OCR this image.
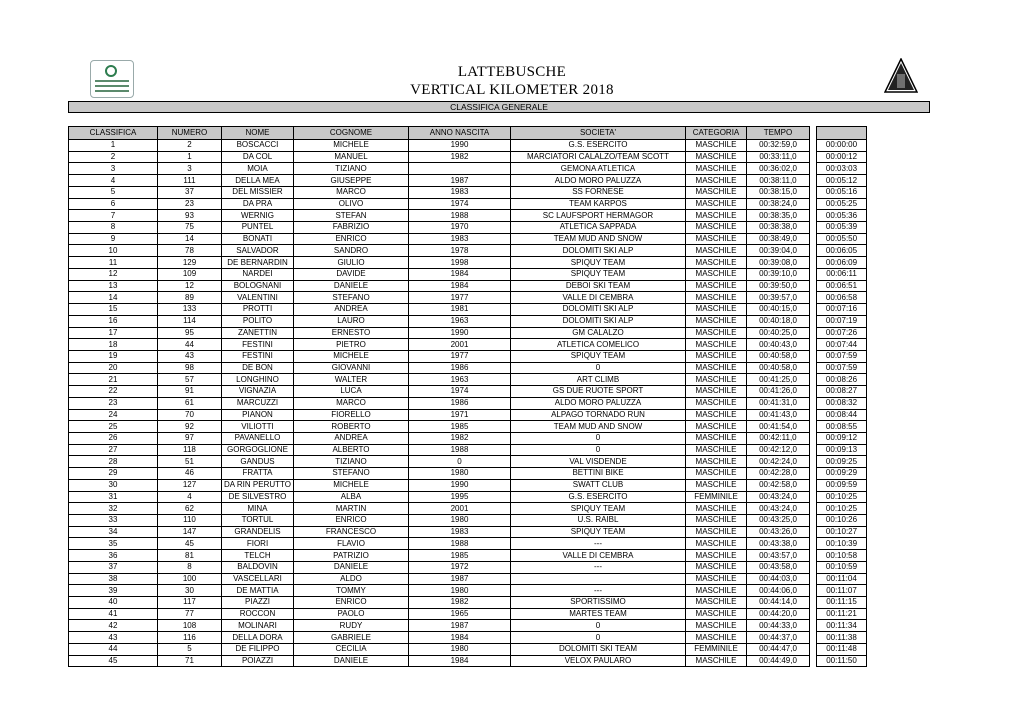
LATTEBUSCHE
VERTICAL KILOMETER 2018
CLASSIFICA GENERALE
CLASSIFICA	NUMERO	NOME	COGNOME	ANNO NASCITA	SOCIETA'	CATEGORIA	TEMPO		
1	2	BOSCACCI	MICHELE	1990	G.S. ESERCITO	MASCHILE	00:32:59,0		00:00:00
2	1	DA COL	MANUEL	1982	MARCIATORI CALALZO/TEAM SCOTT	MASCHILE	00:33:11,0		00:00:12
3	3	MOIA	TIZIANO		GEMONA ATLETICA	MASCHILE	00:36:02,0		00:03:03
4	111	DELLA MEA	GIUSEPPE	1987	ALDO MORO PALUZZA	MASCHILE	00:38:11,0		00:05:12
5	37	DEL MISSIER	MARCO	1983	SS FORNESE	MASCHILE	00:38:15,0		00:05:16
6	23	DA PRA	OLIVO	1974	TEAM KARPOS	MASCHILE	00:38:24,0		00:05:25
7	93	WERNIG	STEFAN	1988	SC LAUFSPORT HERMAGOR	MASCHILE	00:38:35,0		00:05:36
8	75	PUNTEL	FABRIZIO	1970	ATLETICA SAPPADA	MASCHILE	00:38:38,0		00:05:39
9	14	BONATI	ENRICO	1983	TEAM MUD AND SNOW	MASCHILE	00:38:49,0		00:05:50
10	78	SALVADOR	SANDRO	1978	DOLOMITI SKI ALP	MASCHILE	00:39:04,0		00:06:05
11	129	DE BERNARDIN	GIULIO	1998	SPIQUY TEAM	MASCHILE	00:39:08,0		00:06:09
12	109	NARDEI	DAVIDE	1984	SPIQUY TEAM	MASCHILE	00:39:10,0		00:06:11
13	12	BOLOGNANI	DANIELE	1984	DEBOI SKI TEAM	MASCHILE	00:39:50,0		00:06:51
14	89	VALENTINI	STEFANO	1977	VALLE DI CEMBRA	MASCHILE	00:39:57,0		00:06:58
15	133	PROTTI	ANDREA	1981	DOLOMITI SKI ALP	MASCHILE	00:40:15,0		00:07:16
16	114	POLITO	LAURO	1963	DOLOMITI SKI ALP	MASCHILE	00:40:18,0		00:07:19
17	95	ZANETTIN	ERNESTO	1990	GM CALALZO	MASCHILE	00:40:25,0		00:07:26
18	44	FESTINI	PIETRO	2001	ATLETICA COMELICO	MASCHILE	00:40:43,0		00:07:44
19	43	FESTINI	MICHELE	1977	SPIQUY TEAM	MASCHILE	00:40:58,0		00:07:59
20	98	DE BON	GIOVANNI	1986	0	MASCHILE	00:40:58,0		00:07:59
21	57	LONGHINO	WALTER	1963	ART CLIMB	MASCHILE	00:41:25,0		00:08:26
22	91	VIGNAZIA	LUCA	1974	GS DUE RUOTE SPORT	MASCHILE	00:41:26,0		00:08:27
23	61	MARCUZZI	MARCO	1986	ALDO MORO PALUZZA	MASCHILE	00:41:31,0		00:08:32
24	70	PIANON	FIORELLO	1971	ALPAGO TORNADO RUN	MASCHILE	00:41:43,0		00:08:44
25	92	VILIOTTI	ROBERTO	1985	TEAM MUD AND SNOW	MASCHILE	00:41:54,0		00:08:55
26	97	PAVANELLO	ANDREA	1982	0	MASCHILE	00:42:11,0		00:09:12
27	118	GORGOGLIONE	ALBERTO	1988	0	MASCHILE	00:42:12,0		00:09:13
28	51	GANDUS	TIZIANO	0	VAL VISDENDE	MASCHILE	00:42:24,0		00:09:25
29	46	FRATTA	STEFANO	1980	BETTINI BIKE	MASCHILE	00:42:28,0		00:09:29
30	127	DA RIN PERUTTO	MICHELE	1990	SWATT CLUB	MASCHILE	00:42:58,0		00:09:59
31	4	DE SILVESTRO	ALBA	1995	G.S. ESERCITO	FEMMINILE	00:43:24,0		00:10:25
32	62	MINA	MARTIN	2001	SPIQUY TEAM	MASCHILE	00:43:24,0		00:10:25
33	110	TORTUL	ENRICO	1980	U.S. RAIBL	MASCHILE	00:43:25,0		00:10:26
34	147	GRANDELIS	FRANCESCO	1983	SPIQUY TEAM	MASCHILE	00:43:26,0		00:10:27
35	45	FIORI	FLAVIO	1988	---	MASCHILE	00:43:38,0		00:10:39
36	81	TELCH	PATRIZIO	1985	VALLE DI CEMBRA	MASCHILE	00:43:57,0		00:10:58
37	8	BALDOVIN	DANIELE	1972	---	MASCHILE	00:43:58,0		00:10:59
38	100	VASCELLARI	ALDO	1987		MASCHILE	00:44:03,0		00:11:04
39	30	DE MATTIA	TOMMY	1980	---	MASCHILE	00:44:06,0		00:11:07
40	117	PIAZZI	ENRICO	1982	SPORTISSIMO	MASCHILE	00:44:14,0		00:11:15
41	77	ROCCON	PAOLO	1965	MARTES TEAM	MASCHILE	00:44:20,0		00:11:21
42	108	MOLINARI	RUDY	1987	0	MASCHILE	00:44:33,0		00:11:34
43	116	DELLA DORA	GABRIELE	1984	0	MASCHILE	00:44:37,0		00:11:38
44	5	DE FILIPPO	CECILIA	1980	DOLOMITI SKI TEAM	FEMMINILE	00:44:47,0		00:11:48
45	71	POIAZZI	DANIELE	1984	VELOX PAULARO	MASCHILE	00:44:49,0		00:11:50
